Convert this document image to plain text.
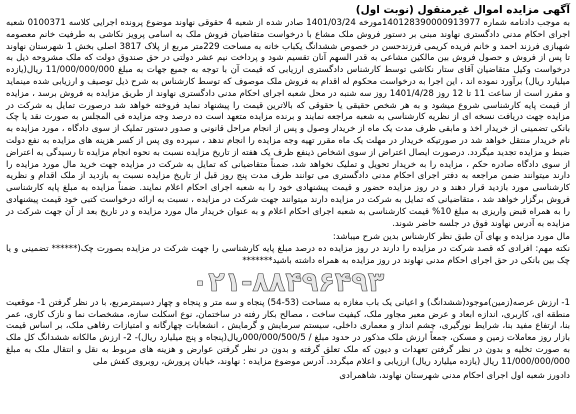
آگهی مزایده اموال غیرمنقول (نوبت اول)
به موجب دادنامه شماره 140128390000913977مورخه 1401/03/24 صادر شده از شعبه 4 حقوقی نهاوند موضوع پرونده اجرایی کلاسه 0100371 شعبه اجرای احکام مدنی دادگستری نهاوند مبنی بر دستور فروش ملک مشاع با درخواست متقاضیان فروش ملک به اسامی پرویز نکاشی به طرفیت خانم معصومه شهبازی فرزند احمد و خانم فریده کریمی فرزندحسن در خصوص ششدانگ یکباب خانه به مساحت 229متر مربع از پلاک 3817 اصلی بخش 1 شهرستان نهاوند تا پس از فروش و حصول فروش بین مالکین مشاعی به قدر السهم آنان تقسیم شود و پرداخت نیم عشر دولتی در حق صندوق دولت که ملک مشروحه ذیل به درخواست وکیل متقاضیان آقای ستار نکاشی توسط کارشناس دادگستری ارزیابی که قیمت آن با توجه به جمیع جهات به مبلغ 11/000/000/000 ریال(یازده میلیارد ریال) برآورد نموده اند ، این اجرا به درخواست محکوم له اقدام به فروش ملک موصوف که توسط کارشناس به شرح ذیل توصیف و ارزیابی شده مینماید و مقرر است از ساعت 11 تا 12 روز 1401/4/28 روز سه شنبه در محل شعبه اجرای احکام مدنی دادگستری نهاوند از طریق مزایده به فروش برسد ، مزایده از قیمت پایه کارشناسی شروع میشود و به هر شخص حقیقی یا حقوقی که بالاترین قیمت را پیشنهاد نماید فروخته خواهد شد درصورت تمایل به شرکت در مزایده جهت دریافت نسخه ای از نظریه کارشناسی به شعبه مراجعه نمایند و برنده مزایده متعهد است ده درصد وجه مزایده فی المجلس به صورت نقد یا چک بانکی تضمینی از خریدار اخذ و مابقی ظرف مدت یک ماه از خریدار وصول و پس از انجام مراحل قانونی و صدور دستور تملیک از سوی دادگاه ، مورد مزایده به نام خریدار منتقل خواهد شد در صورتیکه خریدار در مهلت یک ماه مقرر تهیه وجه مزایده را انجام ندهد ، سپرده وی پس از کسر هزینه های مزایده به نفع دولت ضبط و مزایده تجدید میگردد. درصورت ایصال اعتراض از سوی اشخاص ذینفع ظرف یک هفته از تاریخ مزایده نسبت به نحوه انجام مزایده تا رسیدگی به اعتراض از سوی دادگاه صادره حکم ، مزایده را به خریدار تحویل و تملیک نخواهد شد، ضمناً متقاضیانی که تمایل به شرکت در مزایده جهت خرید مال مورد مزایده را دارند میتوانند ضمن مراجعه به دفتر اجرای احکام مدنی دادگستری می توانند ظرف مدت پنج روز قبل از تاریخ مزایده نسبت به بازدید از ملک اقدام و نظریه کارشناسی مورد بازدید قرار دهند و در روز مزایده حضور و قیمت پیشنهادی خود را به شعبه اجرای احکام اعلام نمایند. ضمناً مزایده به مبلغ پایه کارشناسی فروش برگزار خواهد شد ، متقاضیانی که تمایل به شرکت در مزایده دارند میتوانند جهت شرکت در مزایده ، نسبت به ارائه درخواست کتبی خود قیمت پیشنهادی را به همراه قبض واریزی به مبلغ 10% قیمت کارشناسی به شعبه اجرای احکام اعلام و به عنوان خریدار مال مورد مزایده و در تاریخ بعد از آن جهت شرکت در مزایده به آدرس نهاوند فوق در جلسه حاضر شوند.
مال مورد مزایده و بهای آن طبق نظر کارشناس بدین شرح میباشد:
نکته مهم: افرادی که قصد شرکت در مزایده را دارند در روز مزایده ده درصد مبلغ پایه کارشناسی را جهت شرکت در مزایده بصورت چک(****** تضمینی و یا چک بین بانکی در حق اجرای احکام مدنی نهاوند در روز مزایده به همراه داشته باشید*******
۰۲۱-۸۸۴۹۶۴۹۳
1- ارزش عرصه(زمین)موجود(ششدانگ) و اعیانی یک باب مغازه به مساحت (53-54) پنجاه و سه متر و پنجاه و چهار دسیمترمربع، با در نظر گرفتن 1- موقعیت منطقه ای، کاربری، اندازه ابعاد و عرض معبر مجاور ملک، کیفیت ساخت ، مصالح بکار رفته در ساختمان، نوع اسکلت سازه، مشخصات نما و نازک کاری، عمر بنا، ارتفاع مفید بنا، شرایط نورگیری، چشم انداز و معماری داخلی، سیستم سرمایش و گرمایش ، انشعابات چهارگانه و امتیازات رفاهی ملک، بر اساس قیمت بازار روز معاملات زمین و مسکن، جمعاً ارزش ملک مذکور در حدود مبلغ / 000/000/500/5ریال(پنجاه و پنج میلیارد ریال)- 2- ارزش مالکانه ششدانگ کل ملک به صورت تخلیه و بدون در نظر گرفتن تعهدات و دیون که ملک تعلق گرفته و بدون در نظر گرفتن عوارض و هزینه های مربوط به نقل و انتقال ملک به مبلغ 11/000/000/000 ریال (یازده میلیارد ریال) ارزیابی و اعلام میگردد. آدرس موضوع مزایده : نهاوند، خیابان پرورش، روبروی کفش ملی
دادورز شعبه اول اجرای احکام مدنی شهرستان نهاوند، شاهمرادی
